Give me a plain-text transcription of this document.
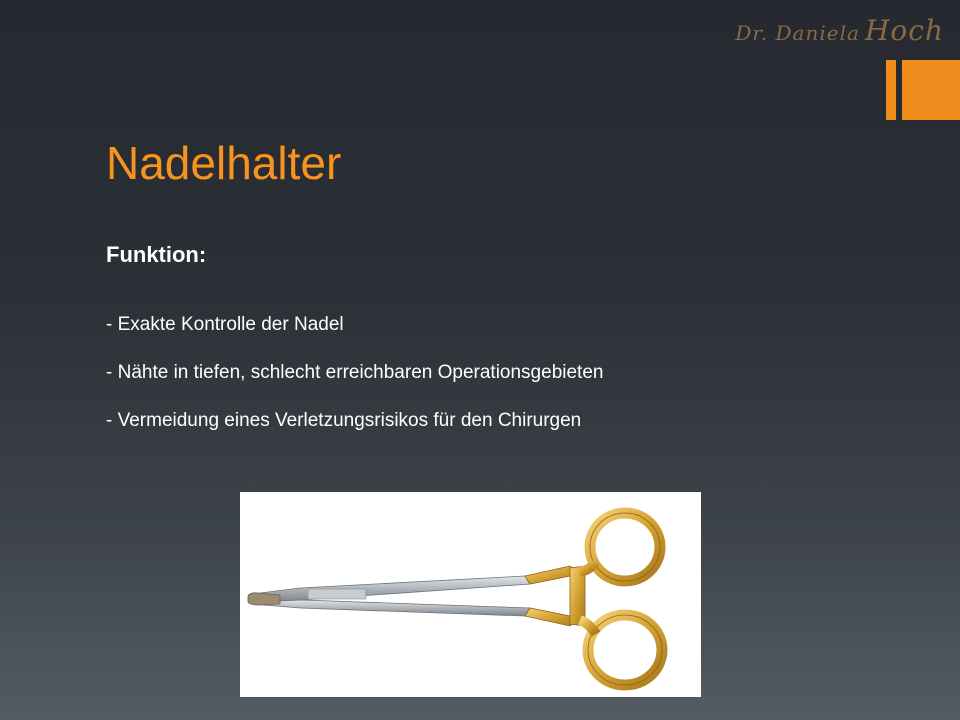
Dr. Daniela Hoch
Nadelhalter
Funktion:
- Exakte Kontrolle der Nadel
- Nähte in tiefen, schlecht erreichbaren Operationsgebieten
- Vermeidung eines Verletzungsrisikos für den Chirurgen
